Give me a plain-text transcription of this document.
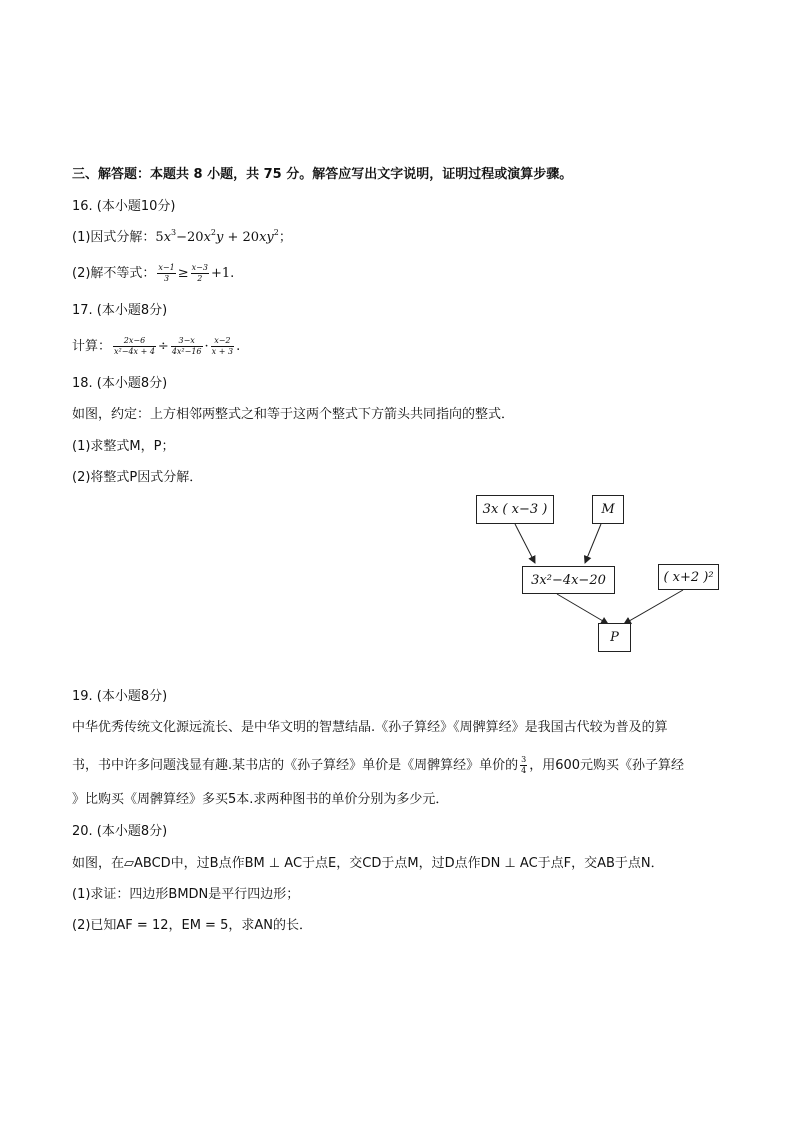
三、解答题：本题共 8 小题，共 75 分。解答应写出文字说明，证明过程或演算步骤。
16. (本小题10分)
(1)因式分解：$5x^3-20x^2y + 20xy^2$；
(2)解不等式： $\frac{x-1}{3} \ge \frac{x-3}{2} +1$.
17. (本小题8分)
计算： $\frac{2x-6}{\text{x²−4x + 4}} \div \frac{3-x}{\text{4x²−16}} \cdot \frac{x-2}{x + 3}$ .
18. (本小题8分)
如图，约定：上方相邻两整式之和等于这两个整式下方箭头共同指向的整式．
(1)求整式M，P；
(2)将整式P因式分解．
3x ( x−3 )	M
3x²−4x−20	( x+2 )²
P
19. (本小题8分)
中华优秀传统文化源远流长、是中华文明的智慧结晶.《孙子算经》《周髀算经》是我国古代较为普及的算
书，书中许多问题浅显有趣.某书店的《孙子算经》单价是《周髀算经》单价的 $\frac{3}{4}$ ，用600元购买《孙子算经
》比购买《周髀算经》多买5本.求两种图书的单价分别为多少元．
20. (本小题8分)
如图，在▱ABCD中，过B点作BM ⊥ AC于点E，交CD于点M，过D点作DN ⊥ AC于点F，交AB于点N．
(1)求证：四边形BMDN是平行四边形；
(2)已知AF = 12，EM = 5，求AN的长．
